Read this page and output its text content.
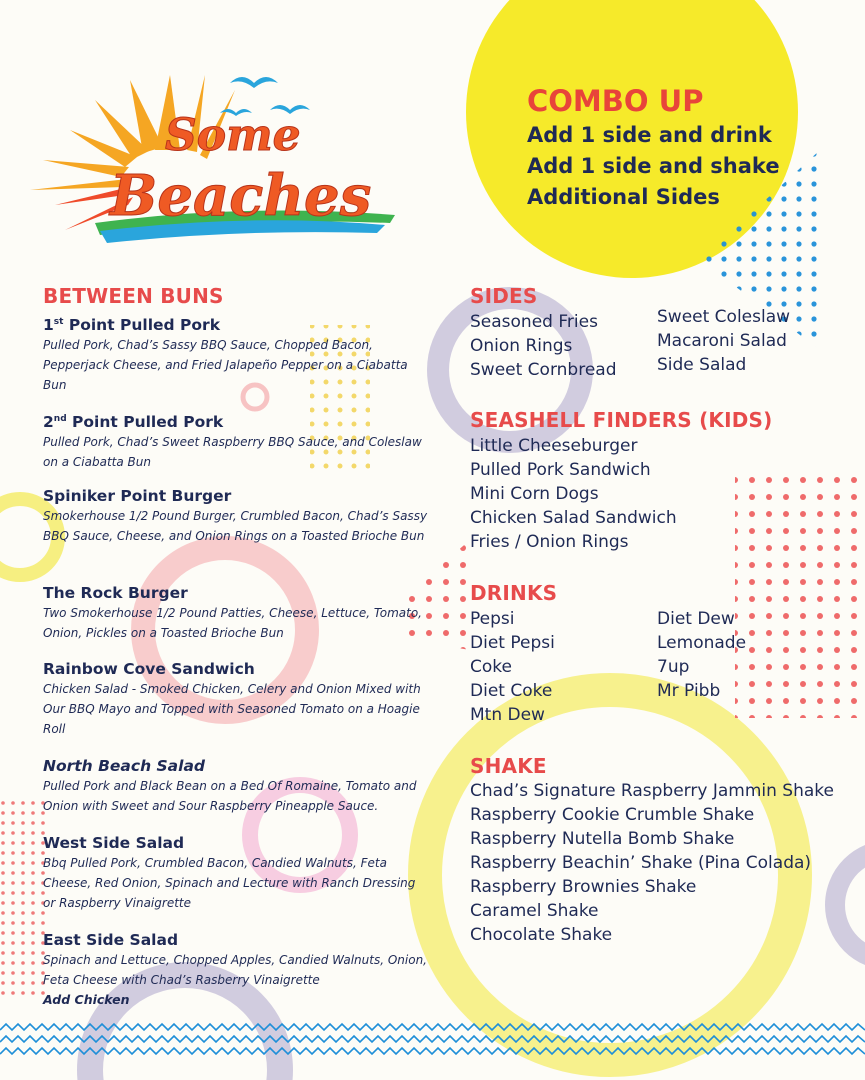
Some
Beaches
COMBO UP
Add 1 side and drink
Add 1 side and shake
Additional Sides
BETWEEN BUNS
1st Point Pulled Pork
Pulled Pork, Chad’s Sassy BBQ Sauce, Chopped Bacon, Pepperjack Cheese, and Fried Jalapeño Pepper on a Ciabatta Bun
2nd Point Pulled Pork
Pulled Pork, Chad’s Sweet Raspberry BBQ Sauce, and Coleslaw on a Ciabatta Bun
Spiniker Point Burger
Smokerhouse 1/2 Pound Burger, Crumbled Bacon, Chad’s Sassy BBQ Sauce, Cheese, and Onion Rings on a Toasted Brioche Bun
The Rock Burger
Two Smokerhouse 1/2 Pound Patties, Cheese, Lettuce, Tomato, Onion, Pickles on a Toasted Brioche Bun
Rainbow Cove Sandwich
Chicken Salad - Smoked Chicken, Celery and Onion Mixed with Our BBQ Mayo and Topped with Seasoned Tomato on a Hoagie Roll
North Beach Salad
Pulled Pork and Black Bean on a Bed Of Romaine, Tomato and Onion with Sweet and Sour Raspberry Pineapple Sauce.
West Side Salad
Bbq Pulled Pork, Crumbled Bacon, Candied Walnuts, Feta Cheese, Red Onion, Spinach and Lecture with Ranch Dressing or Raspberry Vinaigrette
East Side Salad
Spinach and Lettuce, Chopped Apples, Candied Walnuts, Onion, Feta Cheese with Chad’s Rasberry Vinaigrette
Add Chicken
SIDES
Seasoned Fries
Onion Rings
Sweet Cornbread
Sweet Coleslaw
Macaroni Salad
Side Salad
SEASHELL FINDERS (KIDS)
Little Cheeseburger
Pulled Pork Sandwich
Mini Corn Dogs
Chicken Salad Sandwich
Fries / Onion Rings
DRINKS
Pepsi
Diet Pepsi
Coke
Diet Coke
Mtn Dew
Diet Dew
Lemonade
7up
Mr Pibb
SHAKE
Chad’s Signature Raspberry Jammin Shake
Raspberry Cookie Crumble Shake
Raspberry Nutella Bomb Shake
Raspberry Beachin’ Shake (Pina Colada)
Raspberry Brownies Shake
Caramel Shake
Chocolate Shake
